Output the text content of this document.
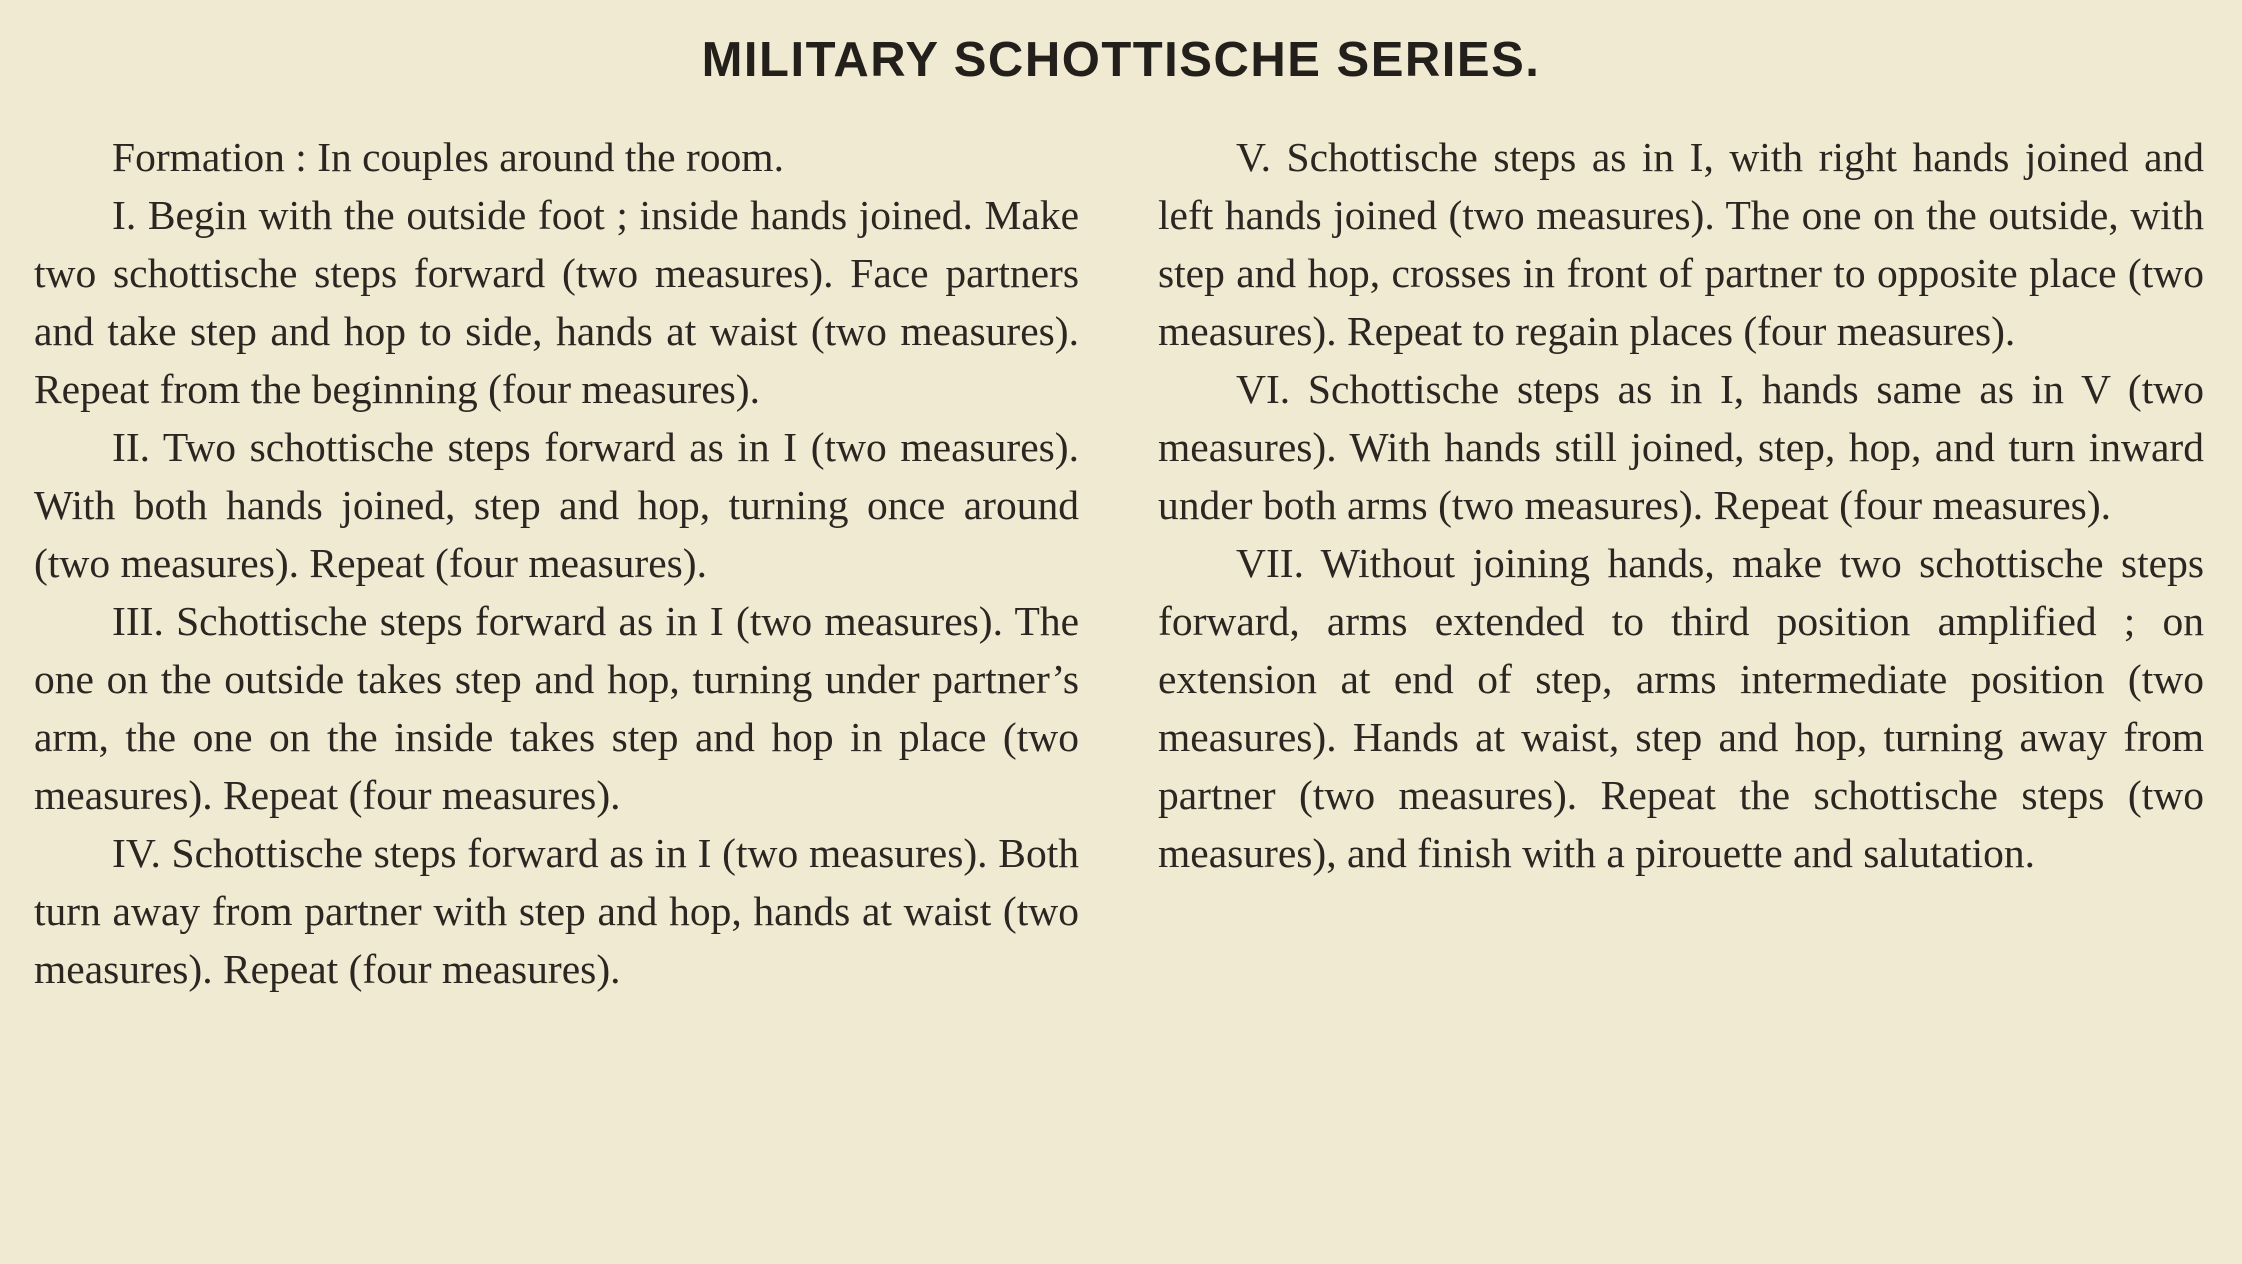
MILITARY SCHOTTISCHE SERIES.

Formation : In couples around the room.

I. Begin with the outside foot ; inside hands joined. Make two schottische steps forward (two measures). Face partners and take step and hop to side, hands at waist (two measures). Repeat from the beginning (four measures).

II. Two schottische steps forward as in I (two measures). With both hands joined, step and hop, turning once around (two measures). Repeat (four measures).

III. Schottische steps forward as in I (two measures). The one on the outside takes step and hop, turning under partner’s arm, the one on the inside takes step and hop in place (two measures). Repeat (four measures).

IV. Schottische steps forward as in I (two measures). Both turn away from partner with step and hop, hands at waist (two measures). Repeat (four measures).

V. Schottische steps as in I, with right hands joined and left hands joined (two measures). The one on the outside, with step and hop, crosses in front of partner to opposite place (two measures). Repeat to regain places (four measures).

VI. Schottische steps as in I, hands same as in V (two measures). With hands still joined, step, hop, and turn inward under both arms (two measures). Repeat (four measures).

VII. Without joining hands, make two schottische steps forward, arms extended to third position amplified ; on extension at end of step, arms intermediate position (two measures). Hands at waist, step and hop, turning away from partner (two measures). Repeat the schottische steps (two measures), and finish with a pirouette and salutation.
